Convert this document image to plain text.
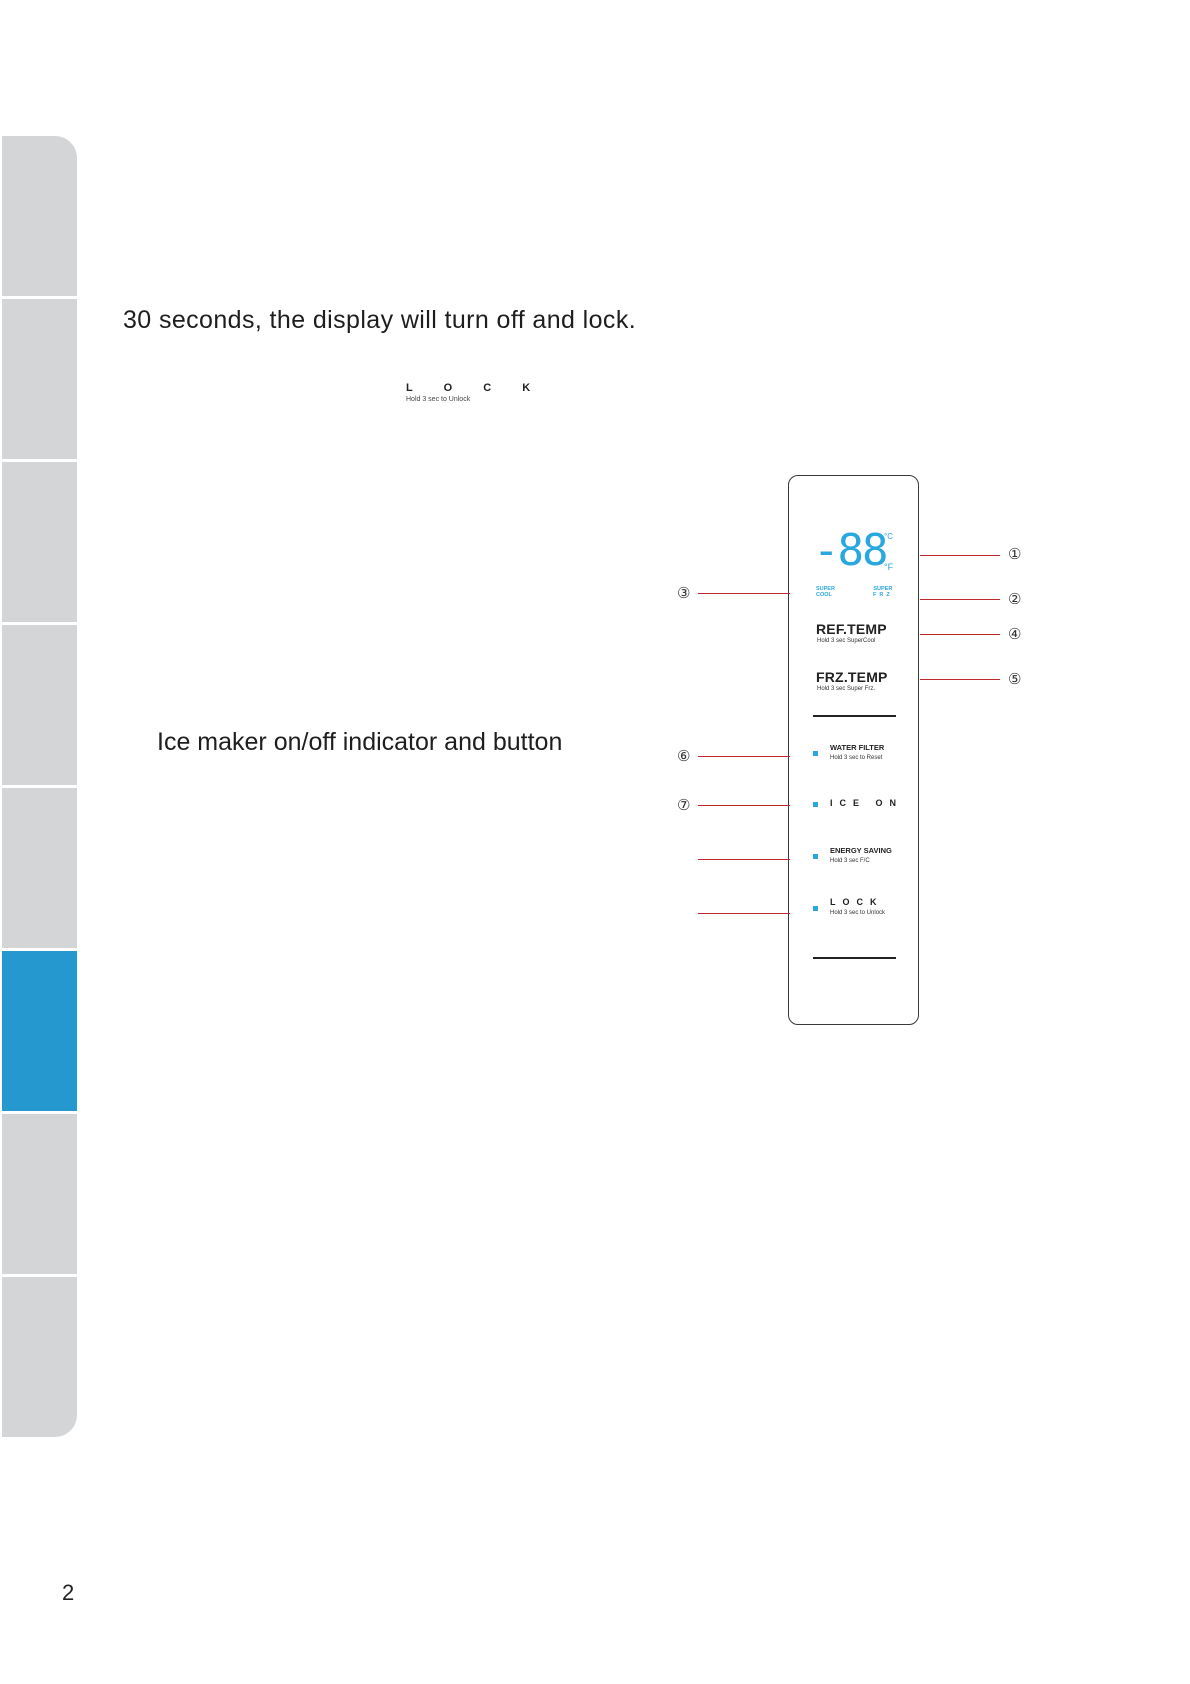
30 seconds, the display will turn off and lock.
L O C K
Hold 3 sec to Unlock
Ice maker on/off indicator and button
-88
°C
°F
SUPER
COOL
SUPER
FRZ
REF.TEMP
Hold 3 sec SuperCool
FRZ.TEMP
Hold 3 sec Super Frz.
WATER FILTER
Hold 3 sec to Reset
ICE ON
ENERGY SAVING
Hold 3 sec F/C
LOCK
Hold 3 sec to Unlock
①
②
③
④
⑤
⑥
⑦
2
